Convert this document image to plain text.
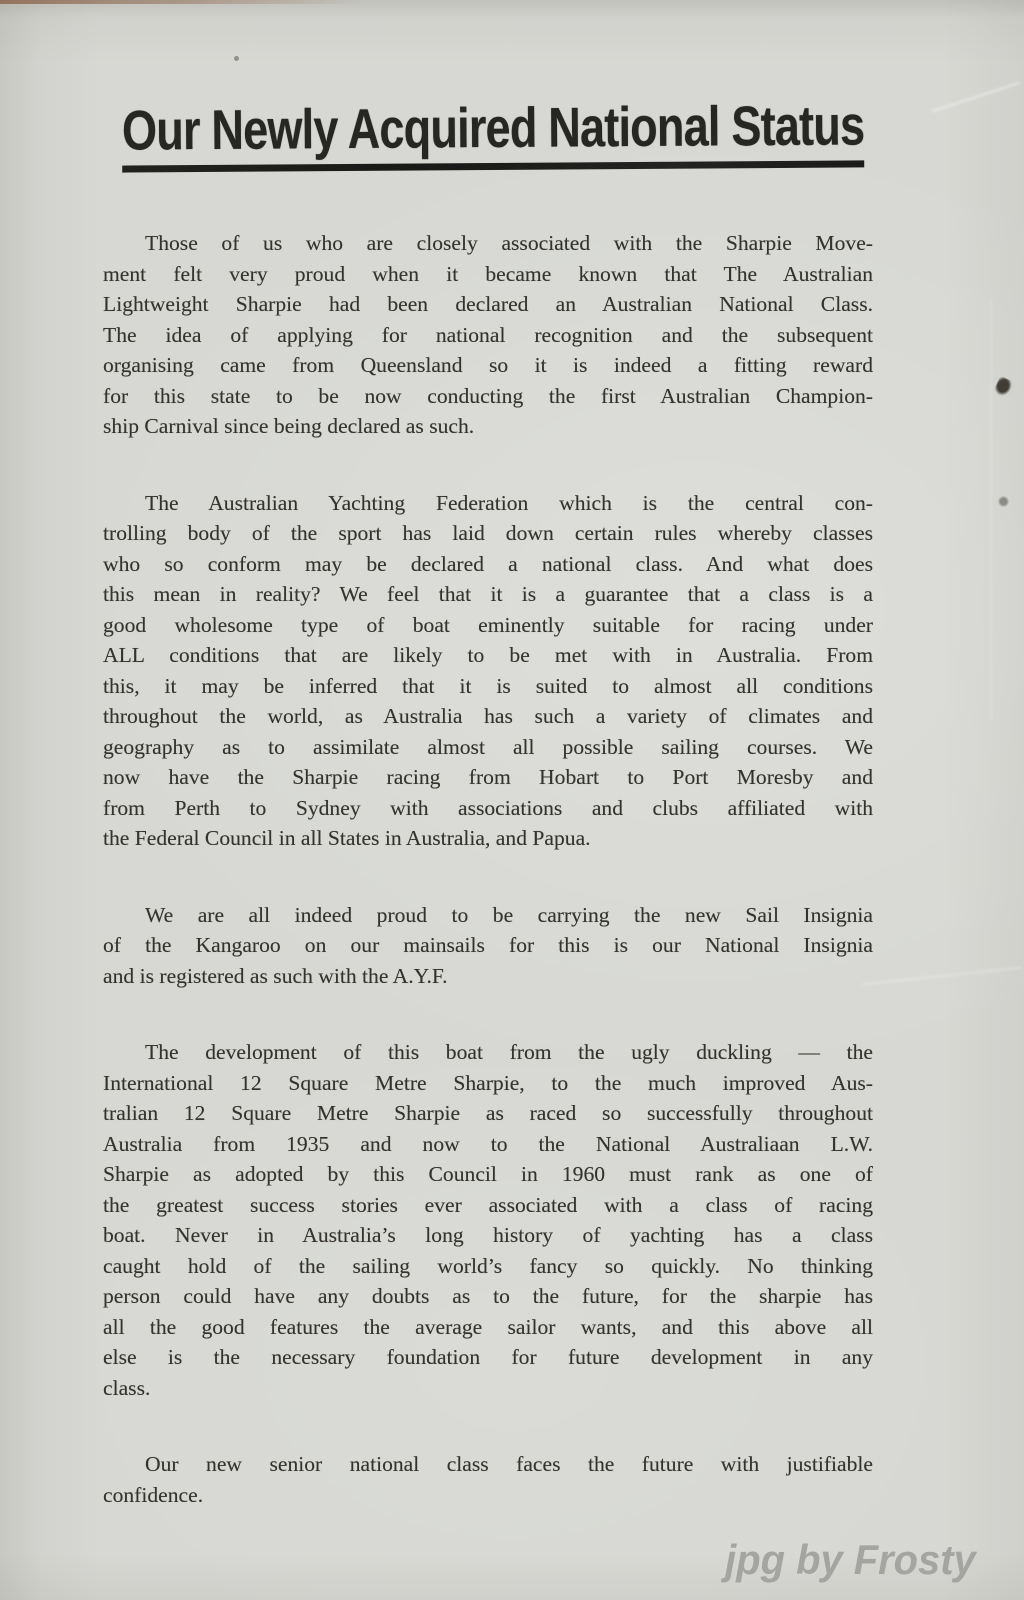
Our Newly Acquired National Status
Those of us who are closely associated with the Sharpie Move-
ment felt very proud when it became known that The Australian
Lightweight Sharpie had been declared an Australian National Class.
The idea of applying for national recognition and the subsequent
organising came from Queensland so it is indeed a fitting reward
for this state to be now conducting the first Australian Champion-
ship Carnival since being declared as such.
The Australian Yachting Federation which is the central con-
trolling body of the sport has laid down certain rules whereby classes
who so conform may be declared a national class. And what does
this mean in reality? We feel that it is a guarantee that a class is a
good wholesome type of boat eminently suitable for racing under
ALL conditions that are likely to be met with in Australia. From
this, it may be inferred that it is suited to almost all conditions
throughout the world, as Australia has such a variety of climates and
geography as to assimilate almost all possible sailing courses. We
now have the Sharpie racing from Hobart to Port Moresby and
from Perth to Sydney with associations and clubs affiliated with
the Federal Council in all States in Australia, and Papua.
We are all indeed proud to be carrying the new Sail Insignia
of the Kangaroo on our mainsails for this is our National Insignia
and is registered as such with the A.Y.F.
The development of this boat from the ugly duckling — the
International 12 Square Metre Sharpie, to the much improved Aus-
tralian 12 Square Metre Sharpie as raced so successfully throughout
Australia from 1935 and now to the National Australiaan L.W.
Sharpie as adopted by this Council in 1960 must rank as one of
the greatest success stories ever associated with a class of racing
boat. Never in Australia’s long history of yachting has a class
caught hold of the sailing world’s fancy so quickly. No thinking
person could have any doubts as to the future, for the sharpie has
all the good features the average sailor wants, and this above all
else is the necessary foundation for future development in any
class.
Our new senior national class faces the future with justifiable
confidence.
jpg by Frosty
